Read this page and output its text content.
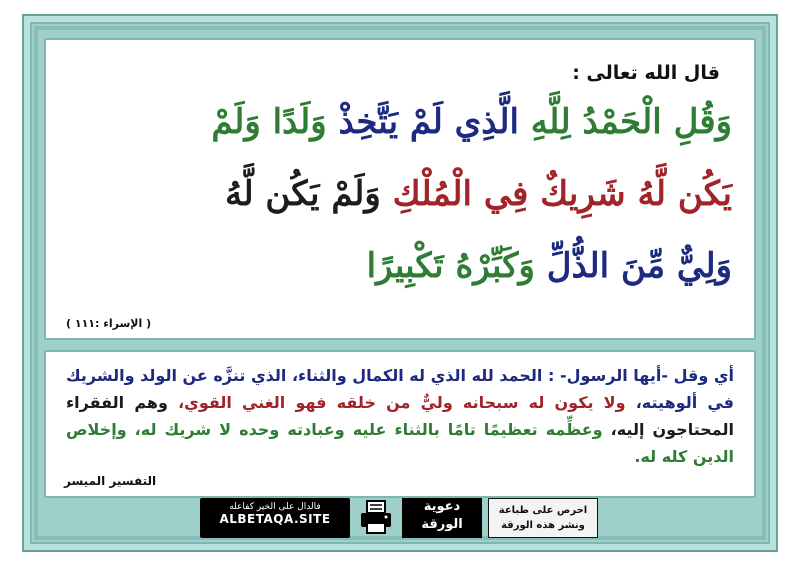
قال الله تعالى :
وَقُلِ الْحَمْدُ لِلَّهِ الَّذِي لَمْ يَتَّخِذْ وَلَدًا وَلَمْ
يَكُن لَّهُ شَرِيكٌ فِي الْمُلْكِ وَلَمْ يَكُن لَّهُ
وَلِيٌّ مِّنَ الذُّلِّ وَكَبِّرْهُ تَكْبِيرًا
( الإسراء :١١١ )
أي وقل -أيها الرسول- : الحمد لله الذي له الكمال والثناء، الذي تنزَّه عن الولد والشريك في ألوهيته، ولا يكون له سبحانه وليٌّ من خلقه فهو الغني القوي، وهم الفقراء المحتاجون إليه، وعظِّمه تعظيمًا تامًا بالثناء عليه وعبادته وحده لا شريك له، وإخلاص الدين كله له.
التفسير الميسر
فالدال على الخير كفاعله
ALBETAQA.SITE
دعوية
الورقة
احرص على طباعة
ونشر هذه الورقة
